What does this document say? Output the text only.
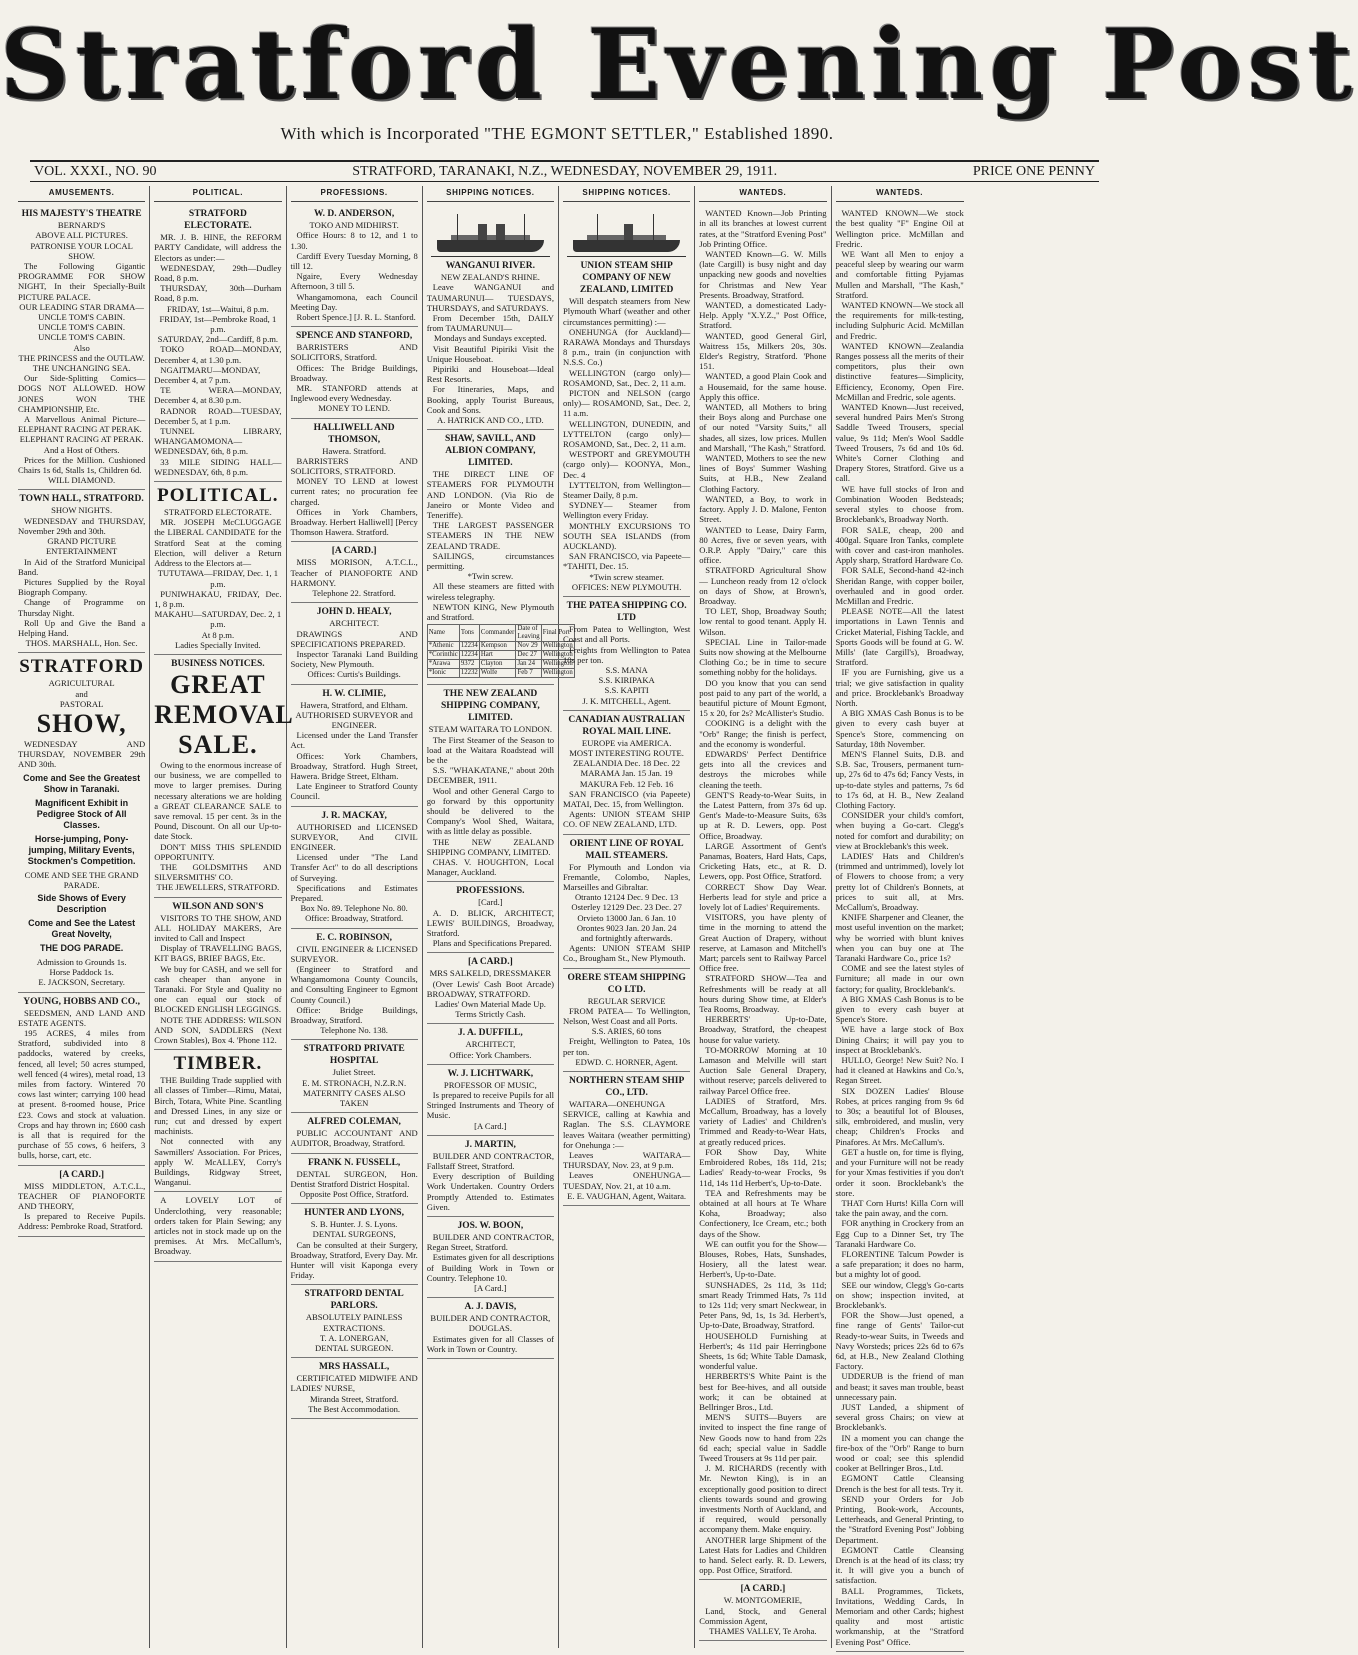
Stratford Evening Post
With which is Incorporated "THE EGMONT SETTLER," Established 1890.
VOL. XXXI., NO. 90	STRATFORD, TARANAKI, N.Z., WEDNESDAY, NOVEMBER 29, 1911.	PRICE ONE PENNY
AMUSEMENTS.
HIS MAJESTY'S THEATRE
BERNARD'S
ABOVE ALL PICTURES.
PATRONISE YOUR LOCAL SHOW.
The Following Gigantic PROGRAMME FOR SHOW NIGHT, In their Specially-Built PICTURE PALACE.
OUR LEADING STAR DRAMA—
UNCLE TOM'S CABIN.
UNCLE TOM'S CABIN.
UNCLE TOM'S CABIN.
Also
THE PRINCESS and the OUTLAW.
THE UNCHANGING SEA.
Our Side-Splitting Comics— DOGS NOT ALLOWED. HOW JONES WON THE CHAMPIONSHIP, Etc.
A Marvellous Animal Picture— ELEPHANT RACING AT PERAK.
ELEPHANT RACING AT PERAK.
And a Host of Others.
Prices for the Million. Cushioned Chairs 1s 6d, Stalls 1s, Children 6d.
WILL DIAMOND.
TOWN HALL, STRATFORD.
SHOW NIGHTS.
WEDNESDAY and THURSDAY, November 29th and 30th.
GRAND PICTURE ENTERTAINMENT
In Aid of the Stratford Municipal Band.
Pictures Supplied by the Royal Biograph Company.
Change of Programme on Thursday Night.
Roll Up and Give the Band a Helping Hand.
THOS. MARSHALL, Hon. Sec.
STRATFORD
AGRICULTURAL
and
PASTORAL
SHOW,
WEDNESDAY AND THURSDAY, NOVEMBER 29th AND 30th.
Come and See the Greatest Show in Taranaki.
Magnificent Exhibit in Pedigree Stock of All Classes.
Horse-jumping, Pony-jumping, Military Events, Stockmen's Competition.
COME AND SEE THE GRAND PARADE.
Side Shows of Every Description
Come and See the Latest Great Novelty,
THE DOG PARADE.
Admission to Grounds 1s.
Horse Paddock 1s.
E. JACKSON, Secretary.
YOUNG, HOBBS AND CO.,
SEEDSMEN, AND LAND AND ESTATE AGENTS.
195 ACRES, 4 miles from Stratford, subdivided into 8 paddocks, watered by creeks, fenced, all level; 50 acres stumped, well fenced (4 wires), metal road, 13 miles from factory. Wintered 70 cows last winter; carrying 100 head at present. 8-roomed house, Price £23. Cows and stock at valuation. Crops and hay thrown in; £600 cash is all that is required for the purchase of 55 cows, 6 heifers, 3 bulls, horse, cart, etc.
[A CARD.]
MISS MIDDLETON, A.T.C.L., TEACHER OF PIANOFORTE AND THEORY,
Is prepared to Receive Pupils. Address: Pembroke Road, Stratford.
POLITICAL.
STRATFORD ELECTORATE.
MR. J. B. HINE, the REFORM PARTY Candidate, will address the Electors as under:—
WEDNESDAY, 29th—Dudley Road, 8 p.m.
THURSDAY, 30th—Durham Road, 8 p.m.
FRIDAY, 1st—Waitui, 8 p.m.
FRIDAY, 1st—Pembroke Road, 1 p.m.
SATURDAY, 2nd—Cardiff, 8 p.m.
TOKO ROAD—MONDAY, December 4, at 1.30 p.m.
NGAITMARU—MONDAY, December 4, at 7 p.m.
TE WERA—MONDAY, December 4, at 8.30 p.m.
RADNOR ROAD—TUESDAY, December 5, at 1 p.m.
TUNNEL LIBRARY, WHANGAMOMONA—WEDNESDAY, 6th, 8 p.m.
33 MILE SIDING HALL—WEDNESDAY, 6th, 8 p.m.
POLITICAL.
STRATFORD ELECTORATE.
MR. JOSEPH McCLUGGAGE the LIBERAL CANDIDATE for the Stratford Seat at the coming Election, will deliver a Return Address to the Electors at—
TUTUTAWA—FRIDAY, Dec. 1, 1 p.m.
PUNIWHAKAU, FRIDAY, Dec. 1, 8 p.m.
MAKAHU—SATURDAY, Dec. 2, 1 p.m.
At 8 p.m.
Ladies Specially Invited.
BUSINESS NOTICES.
GREAT
REMOVAL
SALE.
Owing to the enormous increase of our business, we are compelled to move to larger premises. During necessary alterations we are holding a GREAT CLEARANCE SALE to save removal. 15 per cent. 3s in the Pound, Discount. On all our Up-to-date Stock.
DON'T MISS THIS SPLENDID OPPORTUNITY.
THE GOLDSMITHS AND SILVERSMITHS' CO.
THE JEWELLERS, STRATFORD.
WILSON AND SON'S
VISITORS TO THE SHOW, AND ALL HOLIDAY MAKERS, Are invited to Call and Inspect
Display of TRAVELLING BAGS, KIT BAGS, BRIEF BAGS, Etc.
We buy for CASH, and we sell for cash cheaper than anyone in Taranaki. For Style and Quality no one can equal our stock of BLOCKED ENGLISH LEGGINGS.
NOTE THE ADDRESS: WILSON AND SON, SADDLERS (Next Crown Stables), Box 4. 'Phone 112.
TIMBER.
THE Building Trade supplied with all classes of Timber—Rimu, Matai, Birch, Totara, White Pine. Scantling and Dressed Lines, in any size or run; cut and dressed by expert machinists.
Not connected with any Sawmillers' Association. For Prices, apply W. McALLEY, Corry's Buildings, Ridgway Street, Wanganui.
A LOVELY LOT of Underclothing, very reasonable; orders taken for Plain Sewing; any articles not in stock made up on the premises. At Mrs. McCallum's, Broadway.
PROFESSIONS.
W. D. ANDERSON,
TOKO AND MIDHIRST.
Office Hours: 8 to 12, and 1 to 1.30.
Cardiff Every Tuesday Morning, 8 till 12.
Ngaire, Every Wednesday Afternoon, 3 till 5.
Whangamomona, each Council Meeting Day.
Robert Spence.] [J. R. L. Stanford.
SPENCE AND STANFORD,
BARRISTERS AND SOLICITORS, Stratford.
Offices: The Bridge Buildings, Broadway.
MR. STANFORD attends at Inglewood every Wednesday.
MONEY TO LEND.
HALLIWELL AND THOMSON,
Hawera. Stratford.
BARRISTERS AND SOLICITORS, STRATFORD.
MONEY TO LEND at lowest current rates; no procuration fee charged.
Offices in York Chambers, Broadway. Herbert Halliwell] [Percy Thomson Hawera. Stratford.
[A CARD.]
MISS MORISON, A.T.C.L., Teacher of PIANOFORTE AND HARMONY.
Telephone 22. Stratford.
JOHN D. HEALY,
ARCHITECT.
DRAWINGS AND SPECIFICATIONS PREPARED.
Inspector Taranaki Land Building Society, New Plymouth.
Offices: Curtis's Buildings.
H. W. CLIMIE,
Hawera, Stratford, and Eltham.
AUTHORISED SURVEYOR and ENGINEER.
Licensed under the Land Transfer Act.
Offices: York Chambers, Broadway, Stratford. Hugh Street, Hawera. Bridge Street, Eltham.
Late Engineer to Stratford County Council.
J. R. MACKAY,
AUTHORISED and LICENSED SURVEYOR, And CIVIL ENGINEER.
Licensed under "The Land Transfer Act" to do all descriptions of Surveying.
Specifications and Estimates Prepared.
Box No. 89. Telephone No. 80.
Office: Broadway, Stratford.
E. C. ROBINSON,
CIVIL ENGINEER & LICENSED SURVEYOR.
(Engineer to Stratford and Whangamomona County Councils, and Consulting Engineer to Egmont County Council.)
Office: Bridge Buildings, Broadway, Stratford.
Telephone No. 138.
STRATFORD PRIVATE HOSPITAL
Juliet Street.
E. M. STRONACH, N.Z.R.N.
MATERNITY CASES ALSO TAKEN
ALFRED COLEMAN,
PUBLIC ACCOUNTANT AND AUDITOR, Broadway, Stratford.
FRANK N. FUSSELL,
DENTAL SURGEON, Hon. Dentist Stratford District Hospital.
Opposite Post Office, Stratford.
HUNTER AND LYONS,
S. B. Hunter. J. S. Lyons.
DENTAL SURGEONS,
Can be consulted at their Surgery, Broadway, Stratford, Every Day. Mr. Hunter will visit Kaponga every Friday.
STRATFORD DENTAL PARLORS.
ABSOLUTELY PAINLESS EXTRACTIONS.
T. A. LONERGAN,
DENTAL SURGEON.
MRS HASSALL,
CERTIFICATED MIDWIFE AND LADIES' NURSE,
Miranda Street, Stratford.
The Best Accommodation.
SHIPPING NOTICES.
WANGANUI RIVER.
NEW ZEALAND'S RHINE.
Leave WANGANUI and TAUMARUNUI— TUESDAYS, THURSDAYS, and SATURDAYS.
From December 15th, DAILY from TAUMARUNUI—
Mondays and Sundays excepted.
Visit Beautiful Pipiriki Visit the Unique Houseboat.
Pipiriki and Houseboat—Ideal Rest Resorts.
For Itineraries, Maps, and Booking, apply Tourist Bureaus, Cook and Sons.
A. HATRICK AND CO., LTD.
SHAW, SAVILL, AND ALBION COMPANY, LIMITED.
THE DIRECT LINE OF STEAMERS FOR PLYMOUTH AND LONDON. (Via Rio de Janeiro or Monte Video and Teneriffe).
THE LARGEST PASSENGER STEAMERS IN THE NEW ZEALAND TRADE.
SAILINGS, circumstances permitting.
*Twin screw.
All these steamers are fitted with wireless telegraphy.
NEWTON KING, New Plymouth and Stratford.
Name	Tons	Commander	Date of Leaving	Final Port
*Athenic	12234	Kempson	Nov 29	Wellington
*Corinthic	12234	Hart	Dec 27	Wellington
*Arawa	9372	Clayton	Jan 24	Wellington
*Ionic	12232	Wolfe	Feb 7	Wellington
THE NEW ZEALAND SHIPPING COMPANY, LIMITED.
STEAM WAITARA TO LONDON.
The First Steamer of the Season to load at the Waitara Roadstead will be the
S.S. "WHAKATANE," about 20th DECEMBER, 1911.
Wool and other General Cargo to go forward by this opportunity should be delivered to the Company's Wool Shed, Waitara, with as little delay as possible.
THE NEW ZEALAND SHIPPING COMPANY, LIMITED.
CHAS. V. HOUGHTON, Local Manager, Auckland.
PROFESSIONS.
[Card.]
A. D. BLICK, ARCHITECT, LEWIS' BUILDINGS, Broadway, Stratford.
Plans and Specifications Prepared.
[A CARD.]
MRS SALKELD, DRESSMAKER
(Over Lewis' Cash Boot Arcade) BROADWAY, STRATFORD.
Ladies' Own Material Made Up.
Terms Strictly Cash.
J. A. DUFFILL,
ARCHITECT,
Office: York Chambers.
W. J. LICHTWARK,
PROFESSOR OF MUSIC,
Is prepared to receive Pupils for all Stringed Instruments and Theory of Music.
[A Card.]
J. MARTIN,
BUILDER AND CONTRACTOR, Fallstaff Street, Stratford.
Every description of Building Work Undertaken. Country Orders Promptly Attended to. Estimates Given.
JOS. W. BOON,
BUILDER AND CONTRACTOR, Regan Street, Stratford.
Estimates given for all descriptions of Building Work in Town or Country. Telephone 10.
[A Card.]
A. J. DAVIS,
BUILDER AND CONTRACTOR, DOUGLAS.
Estimates given for all Classes of Work in Town or Country.
SHIPPING NOTICES.
UNION STEAM SHIP COMPANY OF NEW ZEALAND, LIMITED
Will despatch steamers from New Plymouth Wharf (weather and other circumstances permitting) :—
ONEHUNGA (for Auckland)— RARAWA Mondays and Thursdays 8 p.m., train (in conjunction with N.S.S. Co.)
WELLINGTON (cargo only)— ROSAMOND, Sat., Dec. 2, 11 a.m.
PICTON and NELSON (cargo only)— ROSAMOND, Sat., Dec. 2, 11 a.m.
WELLINGTON, DUNEDIN, and LYTTELTON (cargo only)— ROSAMOND, Sat., Dec. 2, 11 a.m.
WESTPORT and GREYMOUTH (cargo only)— KOONYA, Mon., Dec. 4
LYTTELTON, from Wellington— Steamer Daily, 8 p.m.
SYDNEY— Steamer from Wellington every Friday.
MONTHLY EXCURSIONS TO SOUTH SEA ISLANDS (from AUCKLAND).
SAN FRANCISCO, via Papeete— *TAHITI, Dec. 15.
*Twin screw steamer.
OFFICES: NEW PLYMOUTH.
THE PATEA SHIPPING CO. LTD
From Patea to Wellington, West Coast and all Ports.
Freights from Wellington to Patea 10s per ton.
S.S. MANA
S.S. KIRIPAKA
S.S. KAPITI
J. K. MITCHELL, Agent.
CANADIAN AUSTRALIAN ROYAL MAIL LINE.
EUROPE via AMERICA.
MOST INTERESTING ROUTE.
ZEALANDIA Dec. 18 Dec. 22
MARAMA Jan. 15 Jan. 19
MAKURA Feb. 12 Feb. 16
SAN FRANCISCO (via Papeete) MATAI, Dec. 15, from Wellington.
Agents: UNION STEAM SHIP CO. OF NEW ZEALAND, LTD.
ORIENT LINE OF ROYAL MAIL STEAMERS.
For Plymouth and London via Fremantle, Colombo, Naples, Marseilles and Gibraltar.
Otranto 12124 Dec. 9 Dec. 13
Osterley 12129 Dec. 23 Dec. 27
Orvieto 13000 Jan. 6 Jan. 10
Orontes 9023 Jan. 20 Jan. 24
and fortnightly afterwards.
Agents: UNION STEAM SHIP Co., Brougham St., New Plymouth.
ORERE STEAM SHIPPING CO LTD.
REGULAR SERVICE
FROM PATEA— To Wellington, Nelson, West Coast and all Ports.
S.S. ARIES, 60 tons
Freight, Wellington to Patea, 10s per ton.
EDWD. C. HORNER, Agent.
NORTHERN STEAM SHIP CO., LTD.
WAITARA—ONEHUNGA SERVICE, calling at Kawhia and Raglan. The S.S. CLAYMORE leaves Waitara (weather permitting) for Onehunga :—
Leaves WAITARA— THURSDAY, Nov. 23, at 9 p.m.
Leaves ONEHUNGA— TUESDAY, Nov. 21, at 10 a.m.
E. E. VAUGHAN, Agent, Waitara.
WANTEDS.
WANTED Known—Job Printing in all its branches at lowest current rates, at the "Stratford Evening Post" Job Printing Office.
WANTED Known—G. W. Mills (late Cargill) is busy night and day unpacking new goods and novelties for Christmas and New Year Presents. Broadway, Stratford.
WANTED, a domesticated Lady-Help. Apply "X.Y.Z.," Post Office, Stratford.
WANTED, good General Girl, Waitress 15s, Milkers 20s, 30s. Elder's Registry, Stratford. 'Phone 151.
WANTED, a good Plain Cook and a Housemaid, for the same house. Apply this office.
WANTED, all Mothers to bring their Boys along and Purchase one of our noted "Varsity Suits," all shades, all sizes, low prices. Mullen and Marshall, "The Kash," Stratford.
WANTED, Mothers to see the new lines of Boys' Summer Washing Suits, at H.B., New Zealand Clothing Factory.
WANTED, a Boy, to work in factory. Apply J. D. Malone, Fenton Street.
WANTED to Lease, Dairy Farm, 80 Acres, five or seven years, with O.R.P. Apply "Dairy," care this office.
STRATFORD Agricultural Show— Luncheon ready from 12 o'clock on days of Show, at Brown's, Broadway.
TO LET, Shop, Broadway South; low rental to good tenant. Apply H. Wilson.
SPECIAL Line in Tailor-made Suits now showing at the Melbourne Clothing Co.; be in time to secure something nobby for the holidays.
DO you know that you can send post paid to any part of the world, a beautiful picture of Mount Egmont, 15 x 20, for 2s? McAllister's Studio.
COOKING is a delight with the "Orb" Range; the finish is perfect, and the economy is wonderful.
EDWARDS' Perfect Dentifrice gets into all the crevices and destroys the microbes while cleaning the teeth.
GENT'S Ready-to-Wear Suits, in the Latest Pattern, from 37s 6d up. Gent's Made-to-Measure Suits, 63s up at R. D. Lewers, opp. Post Office, Broadway.
LARGE Assortment of Gent's Panamas, Boaters, Hard Hats, Caps, Cricketing Hats, etc., at R. D. Lewers, opp. Post Office, Stratford.
CORRECT Show Day Wear. Herberts lead for style and price a lovely lot of Ladies' Requirements.
VISITORS, you have plenty of time in the morning to attend the Great Auction of Drapery, without reserve, at Lamason and Mitchell's Mart; parcels sent to Railway Parcel Office free.
STRATFORD SHOW—Tea and Refreshments will be ready at all hours during Show time, at Elder's Tea Rooms, Broadway.
HERBERTS' Up-to-Date, Broadway, Stratford, the cheapest house for value variety.
TO-MORROW Morning at 10 Lamason and Melville will start Auction Sale General Drapery, without reserve; parcels delivered to railway Parcel Office free.
LADIES of Stratford, Mrs. McCallum, Broadway, has a lovely variety of Ladies' and Children's Trimmed and Ready-to-Wear Hats, at greatly reduced prices.
FOR Show Day, White Embroidered Robes, 18s 11d, 21s; Ladies' Ready-to-wear Frocks, 9s 11d, 14s 11d Herbert's, Up-to-Date.
TEA and Refreshments may be obtained at all hours at Te Whare Koha, Broadway; also Confectionery, Ice Cream, etc.; both days of the Show.
WE can outfit you for the Show— Blouses, Robes, Hats, Sunshades, Hosiery, all the latest wear. Herbert's, Up-to-Date.
SUNSHADES, 2s 11d, 3s 11d; smart Ready Trimmed Hats, 7s 11d to 12s 11d; very smart Neckwear, in Peter Pans, 9d, 1s, 1s 3d. Herbert's, Up-to-Date, Broadway, Stratford.
HOUSEHOLD Furnishing at Herbert's; 4s 11d pair Herringbone Sheets, 1s 6d; White Table Damask, wonderful value.
HERBERTS'S White Paint is the best for Bee-hives, and all outside work; it can be obtained at Bellringer Bros., Ltd.
MEN'S SUITS—Buyers are invited to inspect the fine range of New Goods now to hand from 22s 6d each; special value in Saddle Tweed Trousers at 9s 11d per pair.
J. M. RICHARDS (recently with Mr. Newton King), is in an exceptionally good position to direct clients towards sound and growing investments North of Auckland, and if required, would personally accompany them. Make enquiry.
ANOTHER large Shipment of the Latest Hats for Ladies and Children to hand. Select early. R. D. Lewers, opp. Post Office, Stratford.
[A CARD.]
W. MONTGOMERIE,
Land, Stock, and General Commission Agent,
THAMES VALLEY, Te Aroha.
WANTEDS.
WANTED KNOWN—We stock the best quality "F" Engine Oil at Wellington price. McMillan and Fredric.
WE Want all Men to enjoy a peaceful sleep by wearing our warm and comfortable fitting Pyjamas Mullen and Marshall, "The Kash," Stratford.
WANTED KNOWN—We stock all the requirements for milk-testing, including Sulphuric Acid. McMillan and Fredric.
WANTED KNOWN—Zealandia Ranges possess all the merits of their competitors, plus their own distinctive features—Simplicity, Efficiency, Economy, Open Fire. McMillan and Fredric, sole agents.
WANTED Known—Just received, several hundred Pairs Men's Strong Saddle Tweed Trousers, special value, 9s 11d; Men's Wool Saddle Tweed Trousers, 7s 6d and 10s 6d. White's Corner Clothing and Drapery Stores, Stratford. Give us a call.
WE have full stocks of Iron and Combination Wooden Bedsteads; several styles to choose from. Brocklebank's, Broadway North.
FOR SALE, cheap, 200 and 400gal. Square Iron Tanks, complete with cover and cast-iron manholes. Apply sharp, Stratford Hardware Co.
FOR SALE, Second-hand 42-inch Sheridan Range, with copper boiler, overhauled and in good order. McMillan and Fredric.
PLEASE NOTE—All the latest importations in Lawn Tennis and Cricket Material, Fishing Tackle, and Sports Goods will be found at G. W. Mills' (late Cargill's), Broadway, Stratford.
IF you are Furnishing, give us a trial; we give satisfaction in quality and price. Brocklebank's Broadway North.
A BIG XMAS Cash Bonus is to be given to every cash buyer at Spence's Store, commencing on Saturday, 18th November.
MEN'S Flannel Suits, D.B. and S.B. Sac, Trousers, permanent turn-up, 27s 6d to 47s 6d; Fancy Vests, in up-to-date styles and patterns, 7s 6d to 17s 6d, at H. B., New Zealand Clothing Factory.
CONSIDER your child's comfort, when buying a Go-cart. Clegg's noted for comfort and durability; on view at Brocklebank's this week.
LADIES' Hats and Children's (trimmed and untrimmed), lovely lot of Flowers to choose from; a very pretty lot of Children's Bonnets, at prices to suit all, at Mrs. McCallum's, Broadway.
KNIFE Sharpener and Cleaner, the most useful invention on the market; why be worried with blunt knives when you can buy one at The Taranaki Hardware Co., price 1s?
COME and see the latest styles of Furniture; all made in our own factory; for quality, Brocklebank's.
A BIG XMAS Cash Bonus is to be given to every cash buyer at Spence's Store.
WE have a large stock of Box Dining Chairs; it will pay you to inspect at Brocklebank's.
HULLO, George! New Suit? No. I had it cleaned at Hawkins and Co.'s, Regan Street.
SIX DOZEN Ladies' Blouse Robes, at prices ranging from 9s 6d to 30s; a beautiful lot of Blouses, silk, embroidered, and muslin, very cheap; Children's Frocks and Pinafores. At Mrs. McCallum's.
GET a hustle on, for time is flying, and your Furniture will not be ready for your Xmas festivities if you don't order it soon. Brocklebank's the store.
THAT Corn Hurts! Killa Corn will take the pain away, and the corn.
FOR anything in Crockery from an Egg Cup to a Dinner Set, try The Taranaki Hardware Co.
FLORENTINE Talcum Powder is a safe preparation; it does no harm, but a mighty lot of good.
SEE our window, Clegg's Go-carts on show; inspection invited, at Brocklebank's.
FOR the Show—Just opened, a fine range of Gents' Tailor-cut Ready-to-wear Suits, in Tweeds and Navy Worsteds; prices 22s 6d to 67s 6d, at H.B., New Zealand Clothing Factory.
UDDERUB is the friend of man and beast; it saves man trouble, beast unnecessary pain.
JUST Landed, a shipment of several gross Chairs; on view at Brocklebank's.
IN a moment you can change the fire-box of the "Orb" Range to burn wood or coal; see this splendid cooker at Bellringer Bros., Ltd.
EGMONT Cattle Cleansing Drench is the best for all tests. Try it.
SEND your Orders for Job Printing, Book-work, Accounts, Letterheads, and General Printing, to the "Stratford Evening Post" Jobbing Department.
EGMONT Cattle Cleansing Drench is at the head of its class; try it. It will give you a bunch of satisfaction.
BALL Programmes, Tickets, Invitations, Wedding Cards, In Memoriam and other Cards; highest quality and most artistic workmanship, at the "Stratford Evening Post" Office.
